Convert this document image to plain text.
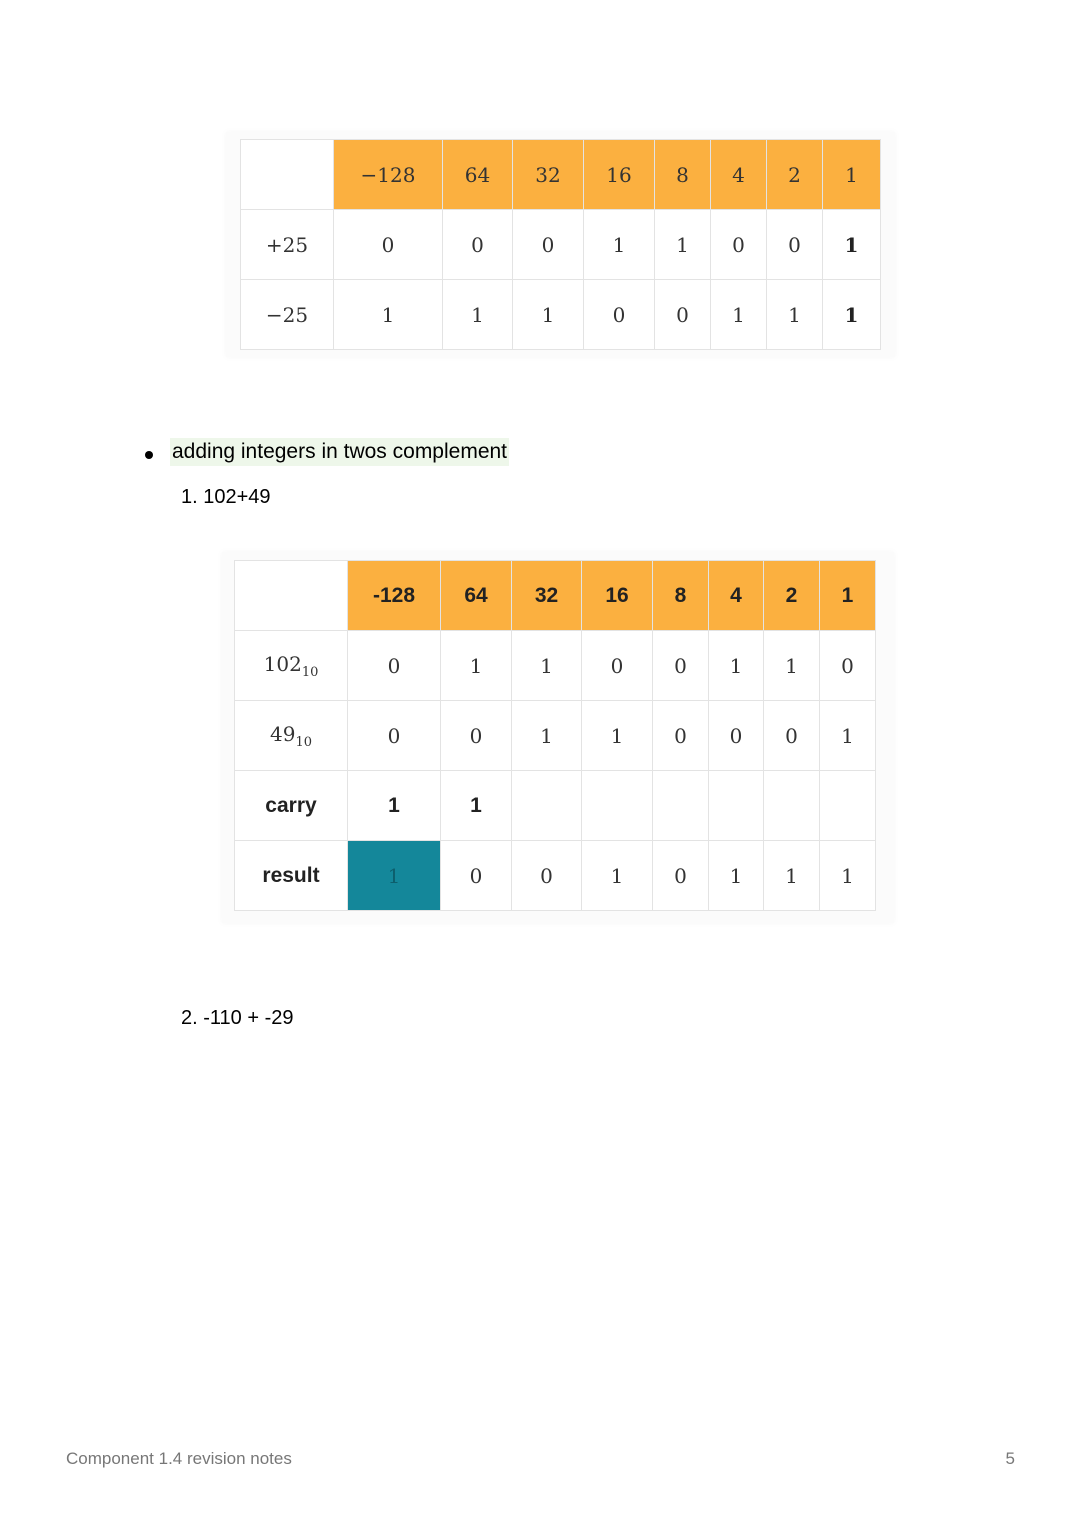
	−128	64	32	16	8	4	2	1
+25	0	0	0	1	1	0	0	1
−25	1	1	1	0	0	1	1	1
adding integers in twos complement
1. 102+49
	-128	64	32	16	8	4	2	1
$102_{10}$	0	1	1	0	0	1	1	0
$49_{10}$	0	0	1	1	0	0	0	1
carry	1	1						
result	1	0	0	1	0	1	1	1
2. -110 + -29
Component 1.4 revision notes	5
